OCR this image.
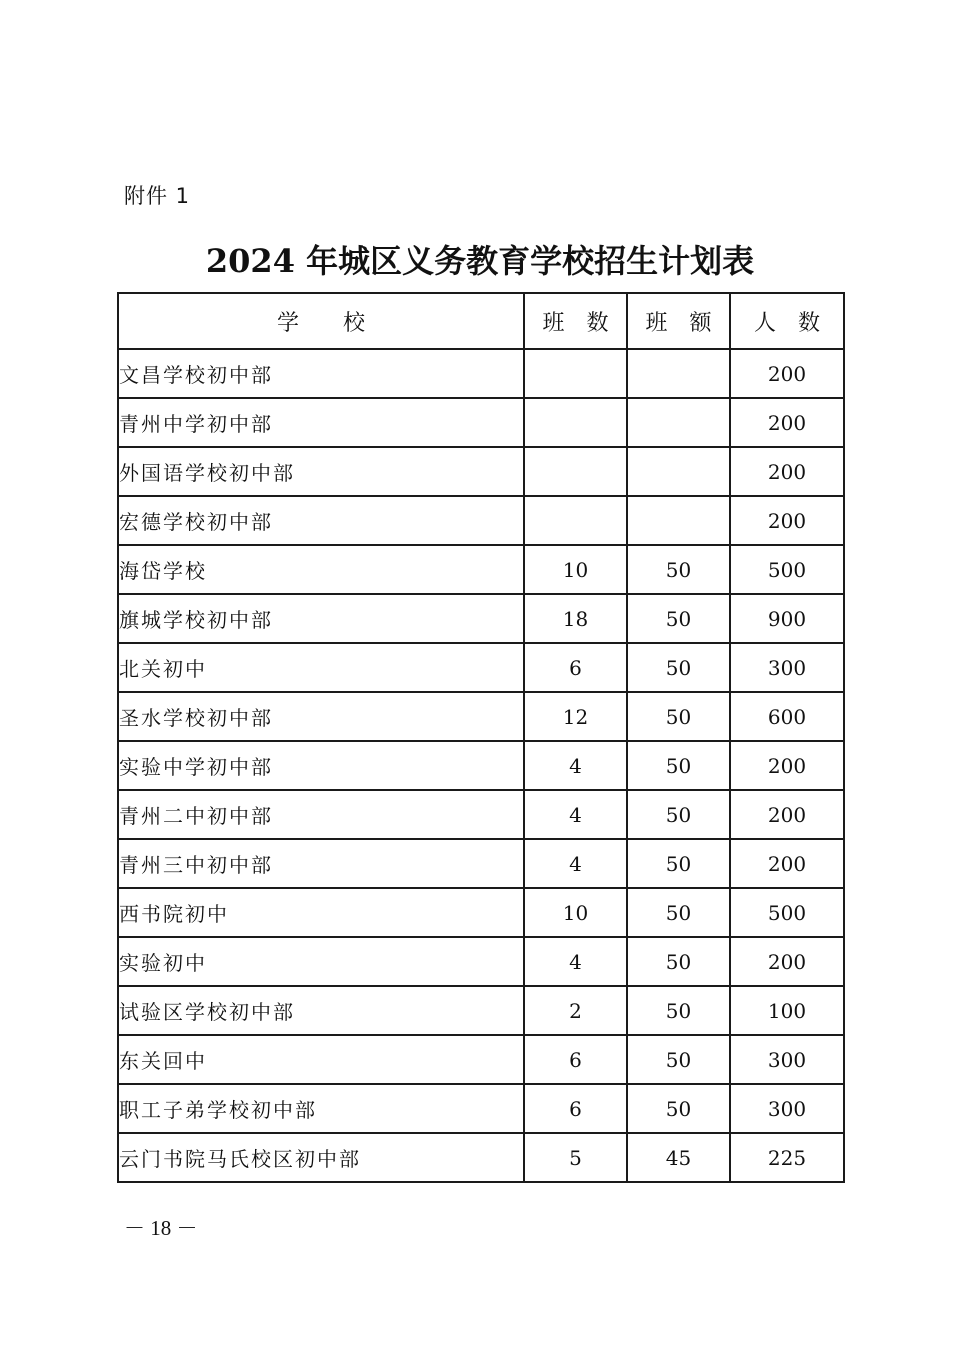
附件 1
2024 年城区义务教育学校招生计划表
学　　校	班　数	班　额	人　数
文昌学校初中部			200
青州中学初中部			200
外国语学校初中部			200
宏德学校初中部			200
海岱学校	10	50	500
旗城学校初中部	18	50	900
北关初中	6	50	300
圣水学校初中部	12	50	600
实验中学初中部	4	50	200
青州二中初中部	4	50	200
青州三中初中部	4	50	200
西书院初中	10	50	500
实验初中	4	50	200
试验区学校初中部	2	50	100
东关回中	6	50	300
职工子弟学校初中部	6	50	300
云门书院马氏校区初中部	5	45	225
－ 18 －
